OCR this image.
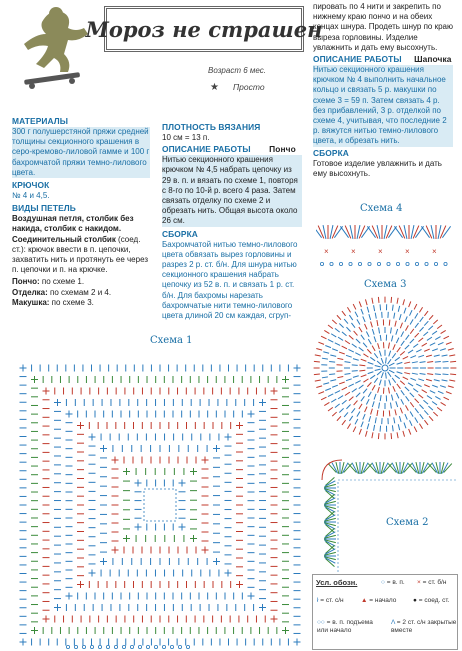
Мороз не страшен
Возраст 6 мес.
★ Просто
МАТЕРИАЛЫ

300 г полушерстяной пряжи средней толщины секционного крашения в серо-кремово-лиловой гамме и 100 г бахромчатой пряжи темно-лилового цвета.

КРЮЧОК

№ 4 и 4,5.

ВИДЫ ПЕТЕЛЬ

Воздушная петля, столбик без накида, столбик с накидом.

Соединительный столбик (соед. ст.): крючок ввести в п. цепочки, захватить нить и протянуть ее через п. цепочки и п. на крючке.

Пончо: по схеме 1.

Отделка: по схемам 2 и 4.

Макушка: по схеме 3.

ПЛОТНОСТЬ ВЯЗАНИЯ

10 см = 13 п.

ОПИСАНИЕ РАБОТЫ Пончо

Нитью секционного крашения крючком № 4,5 набрать цепочку из 29 в. п. и вязать по схеме 1, повторя с 8-го по 10-й р. всего 4 раза. Затем связать отделку по схеме 2 и обрезать нить. Общая высота около 26 см.

СБОРКА

Бахромчатой нитью темно-лилового цвета обвязать вырез горловины и разрез 2 р. ст. б/н. Для шнура нитью секционного крашения набрать цепочку из 52 в. п. и связать 1 р. ст. б/н. Для бахромы нарезать бахромчатые нити темно-лилового цвета длиной 20 см каждая, сгруп-

пировать по 4 нити и закрепить по нижнему краю пончо и на обеих концах шнура. Продеть шнур по краю выреза горловины. Изделие увлажнить и дать ему высохнуть.

ОПИСАНИЕ РАБОТЫ Шапочка

Нитью секционного крашения крючком № 4 выполнить начальное кольцо и связать 5 р. макушки по схеме 3 = 59 п. Затем связать 4 р. без прибавлений, 3 р. отделкой по схеме 4, учитывая, что последние 2 р. вяжутся нитью темно-лилового цвета, и обрезать нить.

СБОРКА

Готовое изделие увлажнить и дать ему высохнуть.

Схема 1
Схема 4
Схема 3
Схема 2
×	×	×	×	×
Усл. обозн.	○ = в. п. × = ст. б/н
ł = ст. с/н	▲ = начало	● = соед. ст.
○○ = в. п. подъема или начало
Λ = 2 ст. с/н закрытые вместе
